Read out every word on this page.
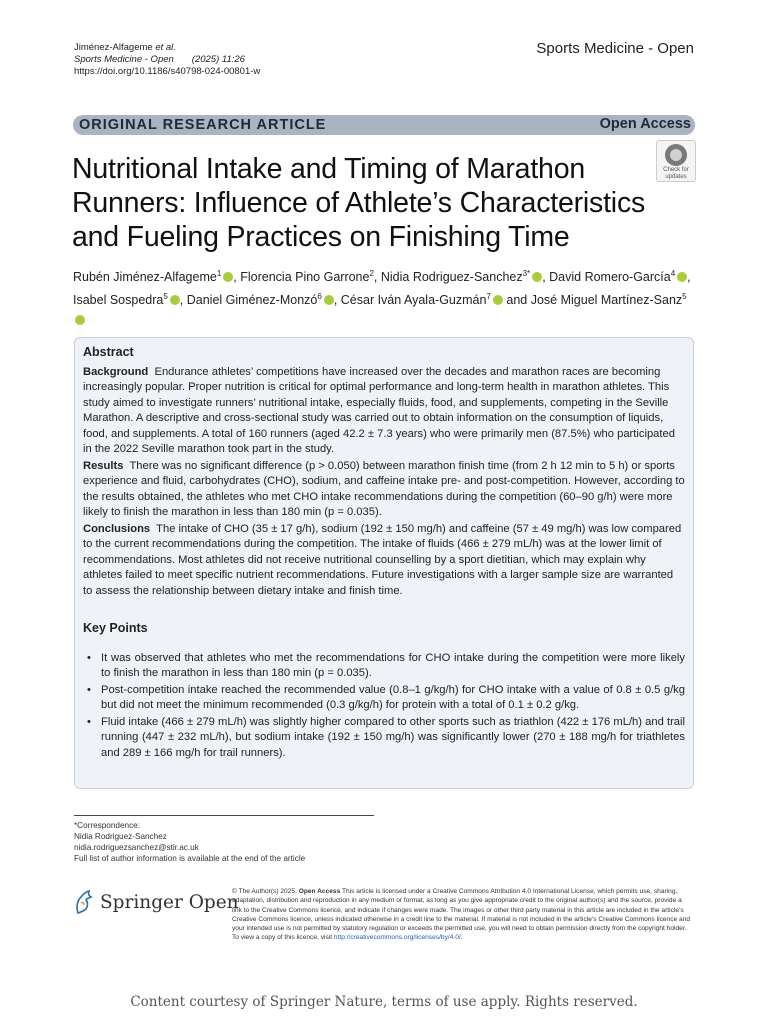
Jiménez-Alfageme et al.
Sports Medicine - Open (2025) 11:26
https://doi.org/10.1186/s40798-024-00801-w
Sports Medicine - Open
ORIGINAL RESEARCH ARTICLE	Open Access
Nutritional Intake and Timing of Marathon Runners: Influence of Athlete’s Characteristics and Fueling Practices on Finishing Time
Check for
updates
Rubén Jiménez-Alfageme$^1$ , Florencia Pino Garrone$^2$, Nidia Rodriguez-Sanchez$^{3*}$ , David Romero-García$^4$ ,
Isabel Sospedra$^5$ , Daniel Giménez-Monzó$^6$ , César Iván Ayala-Guzmán$^7$ and José Miguel Martínez-Sanz$^5$
Abstract

Background Endurance athletes’ competitions have increased over the decades and marathon races are becoming increasingly popular. Proper nutrition is critical for optimal performance and long-term health in marathon athletes. This study aimed to investigate runners’ nutritional intake, especially fluids, food, and supplements, competing in the Seville Marathon. A descriptive and cross-sectional study was carried out to obtain information on the consumption of liquids, food, and supplements. A total of 160 runners (aged 42.2 ± 7.3 years) who were primarily men (87.5%) who participated in the 2022 Seville marathon took part in the study.

Results There was no significant difference (p > 0.050) between marathon finish time (from 2 h 12 min to 5 h) or sports experience and fluid, carbohydrates (CHO), sodium, and caffeine intake pre- and post-competition. However, according to the results obtained, the athletes who met CHO intake recommendations during the competition (60–90 g/h) were more likely to finish the marathon in less than 180 min (p = 0.035).

Conclusions The intake of CHO (35 ± 17 g/h), sodium (192 ± 150 mg/h) and caffeine (57 ± 49 mg/h) was low compared to the current recommendations during the competition. The intake of fluids (466 ± 279 mL/h) was at the lower limit of recommendations. Most athletes did not receive nutritional counselling by a sport dietitian, which may explain why athletes failed to meet specific nutrient recommendations. Future investigations with a larger sample size are warranted to assess the relationship between dietary intake and finish time.

Key Points

• It was observed that athletes who met the recommendations for CHO intake during the competition were more likely to finish the marathon in less than 180 min (p = 0.035).
• Post-competition intake reached the recommended value (0.8–1 g/kg/h) for CHO intake with a value of 0.8 ± 0.5 g/kg but did not meet the minimum recommended (0.3 g/kg/h) for protein with a total of 0.1 ± 0.2 g/kg.
• Fluid intake (466 ± 279 mL/h) was slightly higher compared to other sports such as triathlon (422 ± 176 mL/h) and trail running (447 ± 232 mL/h), but sodium intake (192 ± 150 mg/h) was significantly lower (270 ± 188 mg/h for triathletes and 289 ± 166 mg/h for trail runners).
*Correspondence:
Nidia Rodriguez-Sanchez
nidia.rodriguezsanchez@stir.ac.uk
Full list of author information is available at the end of the article
Springer Open
© The Author(s) 2025. Open Access This article is licensed under a Creative Commons Attribution 4.0 International License, which permits use, sharing, adaptation, distribution and reproduction in any medium or format, as long as you give appropriate credit to the original author(s) and the source, provide a link to the Creative Commons licence, and indicate if changes were made. The images or other third party material in this article are included in the article’s Creative Commons licence, unless indicated otherwise in a credit line to the material. If material is not included in the article’s Creative Commons licence and your intended use is not permitted by statutory regulation or exceeds the permitted use, you will need to obtain permission directly from the copyright holder. To view a copy of this licence, visit http://creativecommons.org/licenses/by/4.0/.
Content courtesy of Springer Nature, terms of use apply. Rights reserved.
